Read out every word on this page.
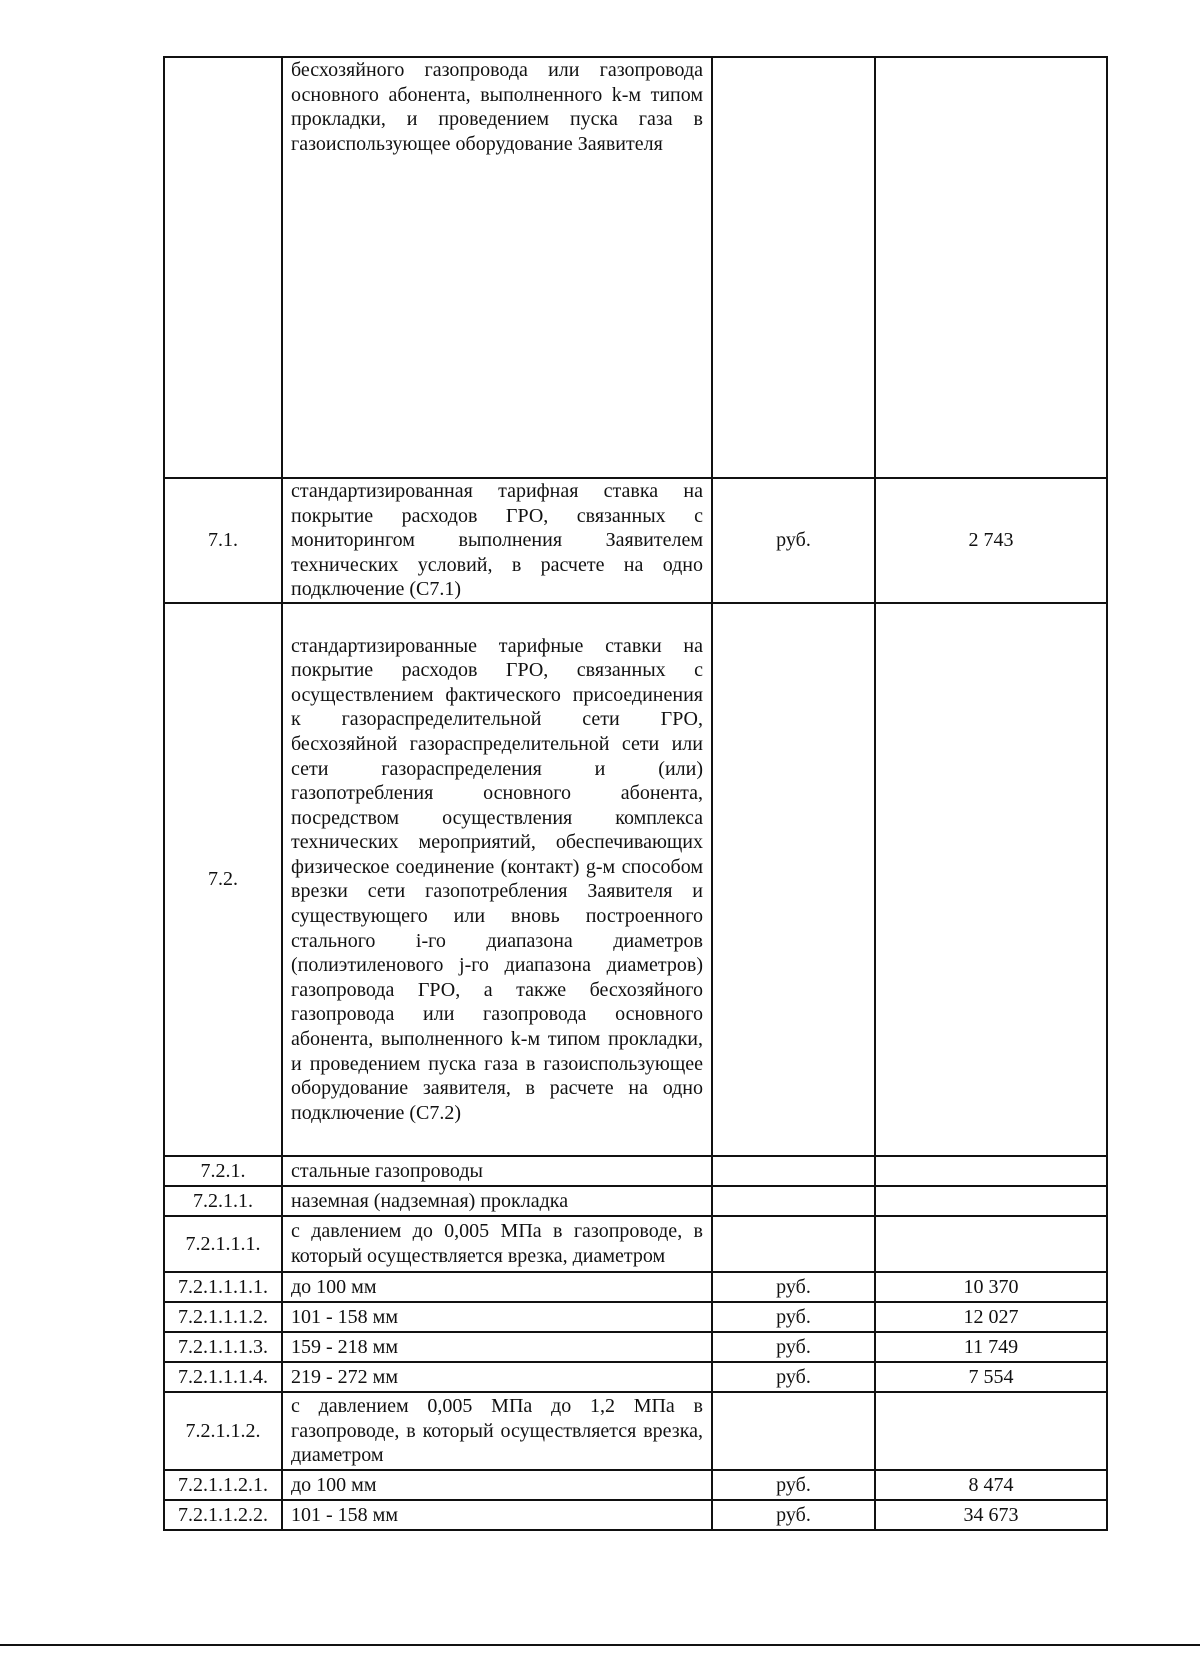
	бесхозяйного газопровода или газопровода основного абонента, выполненного k-м типом прокладки, и проведением пуска газа в газоиспользующее оборудование Заявителя		
7.1.	стандартизированная тарифная ставка на покрытие расходов ГРО, связанных с мониторингом выполнения Заявителем технических условий, в расчете на одно подключение (С7.1)	руб.	2 743
7.2.	стандартизированные тарифные ставки на покрытие расходов ГРО, связанных с осуществлением фактического присоединения к газораспределительной сети ГРО, бесхозяйной газораспределительной сети или сети газораспределения и (или) газопотребления основного абонента, посредством осуществления комплекса технических мероприятий, обеспечивающих физическое соединение (контакт) g-м способом врезки сети газопотребления Заявителя и существующего или вновь построенного стального i-го диапазона диаметров (полиэтиленового j-го диапазона диаметров) газопровода ГРО, а также бесхозяйного газопровода или газопровода основного абонента, выполненного k-м типом прокладки, и проведением пуска газа в газоиспользующее оборудование заявителя, в расчете на одно подключение (С7.2)		
7.2.1.	стальные газопроводы		
7.2.1.1.	наземная (надземная) прокладка		
7.2.1.1.1.	с давлением до 0,005 МПа в газопроводе, в который осуществляется врезка, диаметром		
7.2.1.1.1.1.	до 100 мм	руб.	10 370
7.2.1.1.1.2.	101 - 158 мм	руб.	12 027
7.2.1.1.1.3.	159 - 218 мм	руб.	11 749
7.2.1.1.1.4.	219 - 272 мм	руб.	7 554
7.2.1.1.2.	с давлением 0,005 МПа до 1,2 МПа в газопроводе, в который осуществляется врезка, диаметром		
7.2.1.1.2.1.	до 100 мм	руб.	8 474
7.2.1.1.2.2.	101 - 158 мм	руб.	34 673
